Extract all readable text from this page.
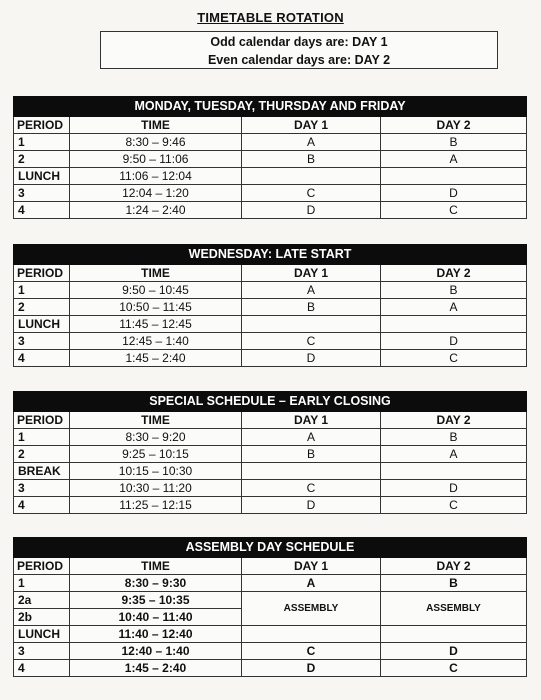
TIMETABLE ROTATION
Odd calendar days are: DAY 1
Even calendar days are: DAY 2
MONDAY, TUESDAY, THURSDAY AND FRIDAY			
PERIOD	TIME	DAY 1	DAY 2
1	8:30 – 9:46	A	B
2	9:50 – 11:06	B	A
LUNCH	11:06 – 12:04		
3	12:04 – 1:20	C	D
4	1:24 – 2:40	D	C
WEDNESDAY: LATE START			
PERIOD	TIME	DAY 1	DAY 2
1	9:50 – 10:45	A	B
2	10:50 – 11:45	B	A
LUNCH	11:45 – 12:45		
3	12:45 – 1:40	C	D
4	1:45 – 2:40	D	C
SPECIAL SCHEDULE – EARLY CLOSING			
PERIOD	TIME	DAY 1	DAY 2
1	8:30 – 9:20	A	B
2	9:25 – 10:15	B	A
BREAK	10:15 – 10:30		
3	10:30 – 11:20	C	D
4	11:25 – 12:15	D	C
ASSEMBLY DAY SCHEDULE			
PERIOD	TIME	DAY 1	DAY 2
1	8:30 – 9:30	A	B
2a	9:35 – 10:35	ASSEMBLY	ASSEMBLY
2b	10:40 – 11:40		
LUNCH	11:40 – 12:40		
3	12:40 – 1:40	C	D
4	1:45 – 2:40	D	C
